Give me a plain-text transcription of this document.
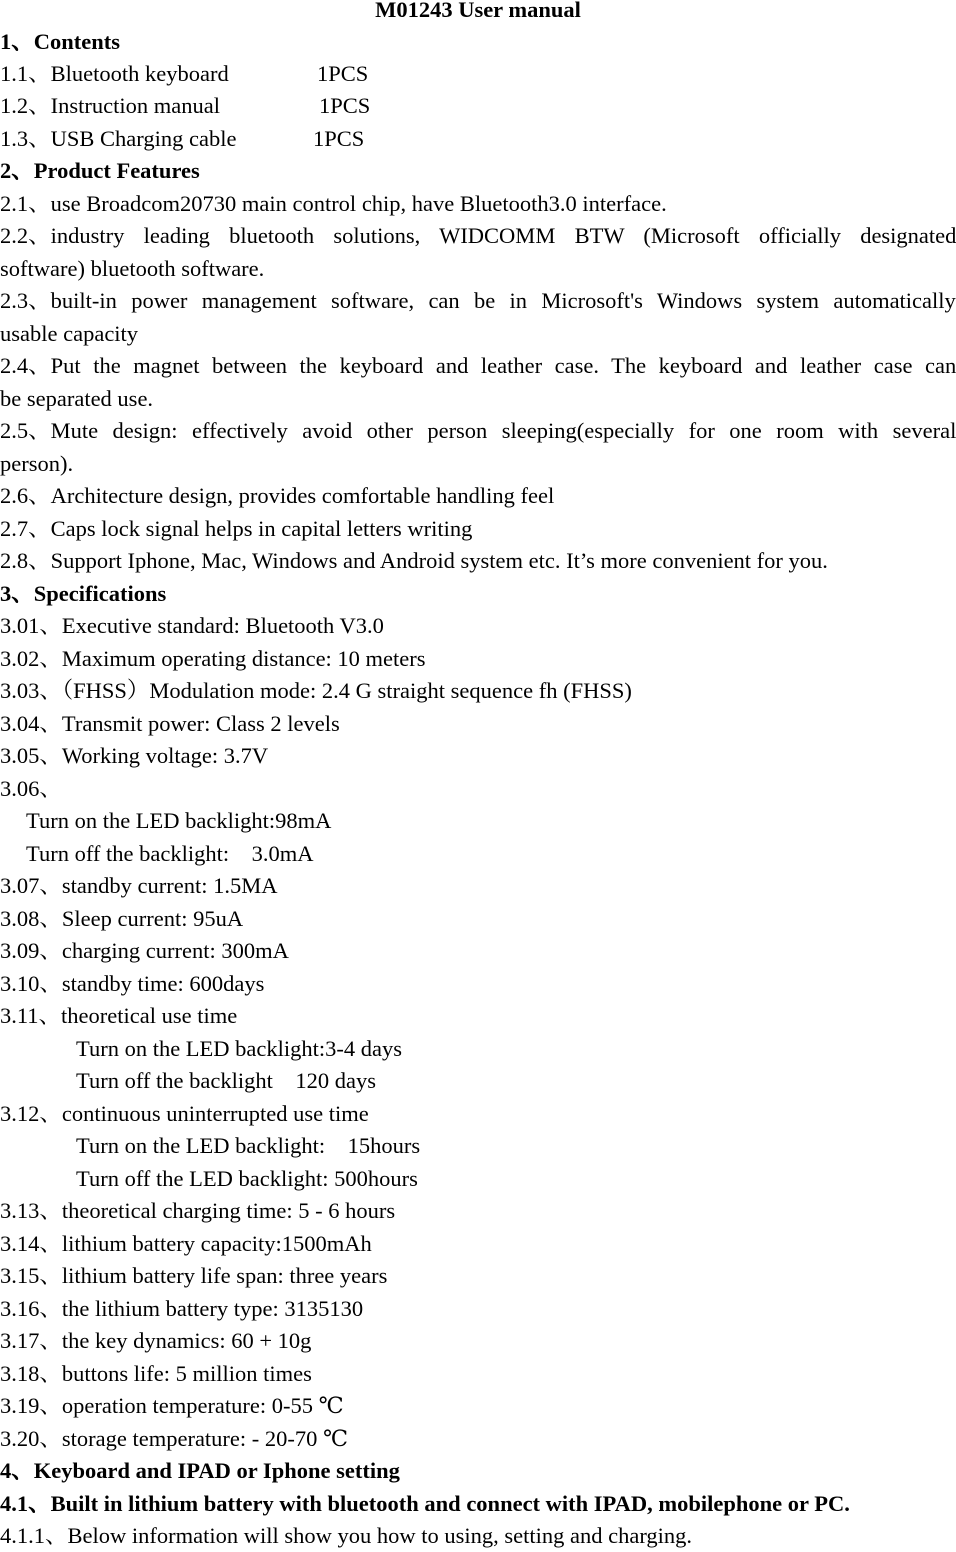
M01243 User manual
1、Contents
1.1、Bluetooth keyboard	1PCS
1.2、Instruction manual	1PCS
1.3、USB Charging cable	1PCS
2、Product Features
2.1、use Broadcom20730 main control chip, have Bluetooth3.0 interface.
2.2、industry leading bluetooth solutions, WIDCOMM BTW (Microsoft officially designated
software) bluetooth software.
2.3、built-in power management software, can be in Microsoft's Windows system automatically
usable capacity
2.4、Put the magnet between the keyboard and leather case. The keyboard and leather case can
be separated use.
2.5、Mute design: effectively avoid other person sleeping(especially for one room with several
person).
2.6、Architecture design, provides comfortable handling feel
2.7、Caps lock signal helps in capital letters writing
2.8、Support Iphone, Mac, Windows and Android system etc. It’s more convenient for you.
3、Specifications
3.01、Executive standard: Bluetooth V3.0
3.02、Maximum operating distance: 10 meters
3.03、（FHSS）Modulation mode: 2.4 G straight sequence fh (FHSS)
3.04、Transmit power: Class 2 levels
3.05、Working voltage: 3.7V
3.06、
Turn on the LED backlight:98mA
Turn off the backlight:    3.0mA
3.07、standby current: 1.5MA
3.08、Sleep current: 95uA
3.09、charging current: 300mA
3.10、standby time: 600days
3.11、theoretical use time
Turn on the LED backlight:3-4 days
Turn off the backlight    120 days
3.12、continuous uninterrupted use time
Turn on the LED backlight:    15hours
Turn off the LED backlight: 500hours
3.13、theoretical charging time: 5 - 6 hours
3.14、lithium battery capacity:1500mAh
3.15、lithium battery life span: three years
3.16、the lithium battery type: 3135130
3.17、the key dynamics: 60 + 10g
3.18、buttons life: 5 million times
3.19、operation temperature: 0-55 ℃
3.20、storage temperature: - 20-70 ℃
4、Keyboard and IPAD or Iphone setting
4.1、Built in lithium battery with bluetooth and connect with IPAD, mobilephone or PC.
4.1.1、Below information will show you how to using, setting and charging.
